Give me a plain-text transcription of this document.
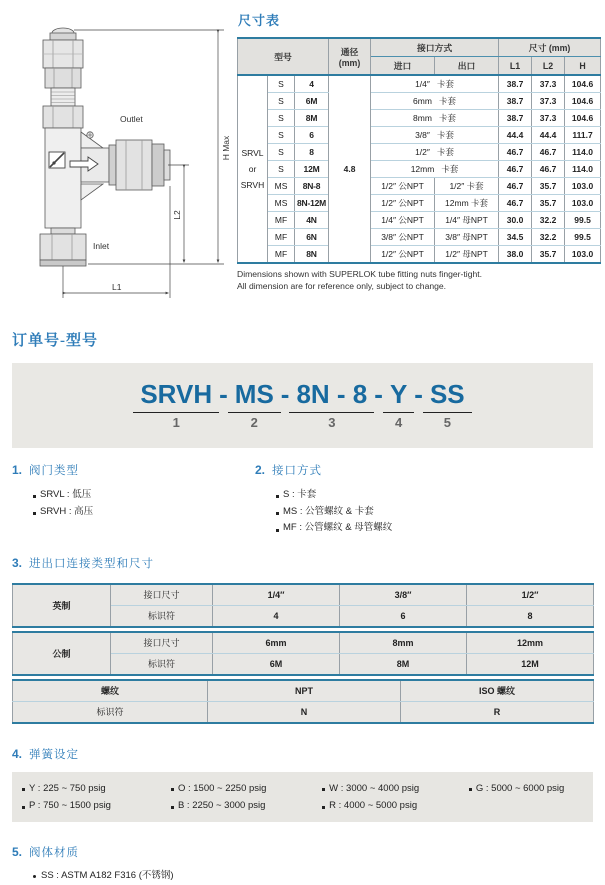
Outlet
Inlet
H Max
L2
L1
尺寸表
型号			通径
(mm)	接口方式		尺寸 (mm)		
				进口	出口	L1	L2	H
SRVL
or
SRVH	S	4	4.8	1/4″   卡套		38.7	37.3	104.6
	S	6M		6mm   卡套		38.7	37.3	104.6
	S	8M		8mm   卡套		38.7	37.3	104.6
	S	6		3/8″   卡套		44.4	44.4	111.7
	S	8		1/2″   卡套		46.7	46.7	114.0
	S	12M		12mm   卡套		46.7	46.7	114.0
	MS	8N-8		1/2″ 公NPT	1/2″ 卡套	46.7	35.7	103.0
	MS	8N-12M		1/2″ 公NPT	12mm 卡套	46.7	35.7	103.0
	MF	4N		1/4″ 公NPT	1/4″ 母NPT	30.0	32.2	99.5
	MF	6N		3/8″ 公NPT	3/8″ 母NPT	34.5	32.2	99.5
	MF	8N		1/2″ 公NPT	1/2″ 母NPT	38.0	35.7	103.0
Dimensions shown with SUPERLOK tube fitting nuts finger-tight.
All dimension are for reference only, subject to change.
订单号-型号
SRVH
1
- MS
2
- 8N - 8
3
- Y
4
- SS
5
1. 阀门类型
SRVL : 低压
SRVH : 高压
2. 接口方式
S : 卡套
MS : 公管螺纹 & 卡套
MF : 公管螺纹 & 母管螺纹
3. 进出口连接类型和尺寸
英制	接口尺寸	1/4″	3/8″	1/2″
	标识符	4	6	8
公制	接口尺寸	6mm	8mm	12mm
	标识符	6M	8M	12M
螺纹	NPT	ISO 螺纹
标识符	N	R
4. 弹簧设定
Y : 225 ~ 750 psig
P : 750 ~ 1500 psig
O : 1500 ~ 2250 psig
B : 2250 ~ 3000 psig
W : 3000 ~ 4000 psig
R : 4000 ~ 5000 psig
G : 5000 ~ 6000 psig
5. 阀体材质
SS : ASTM A182 F316 (不锈钢)
